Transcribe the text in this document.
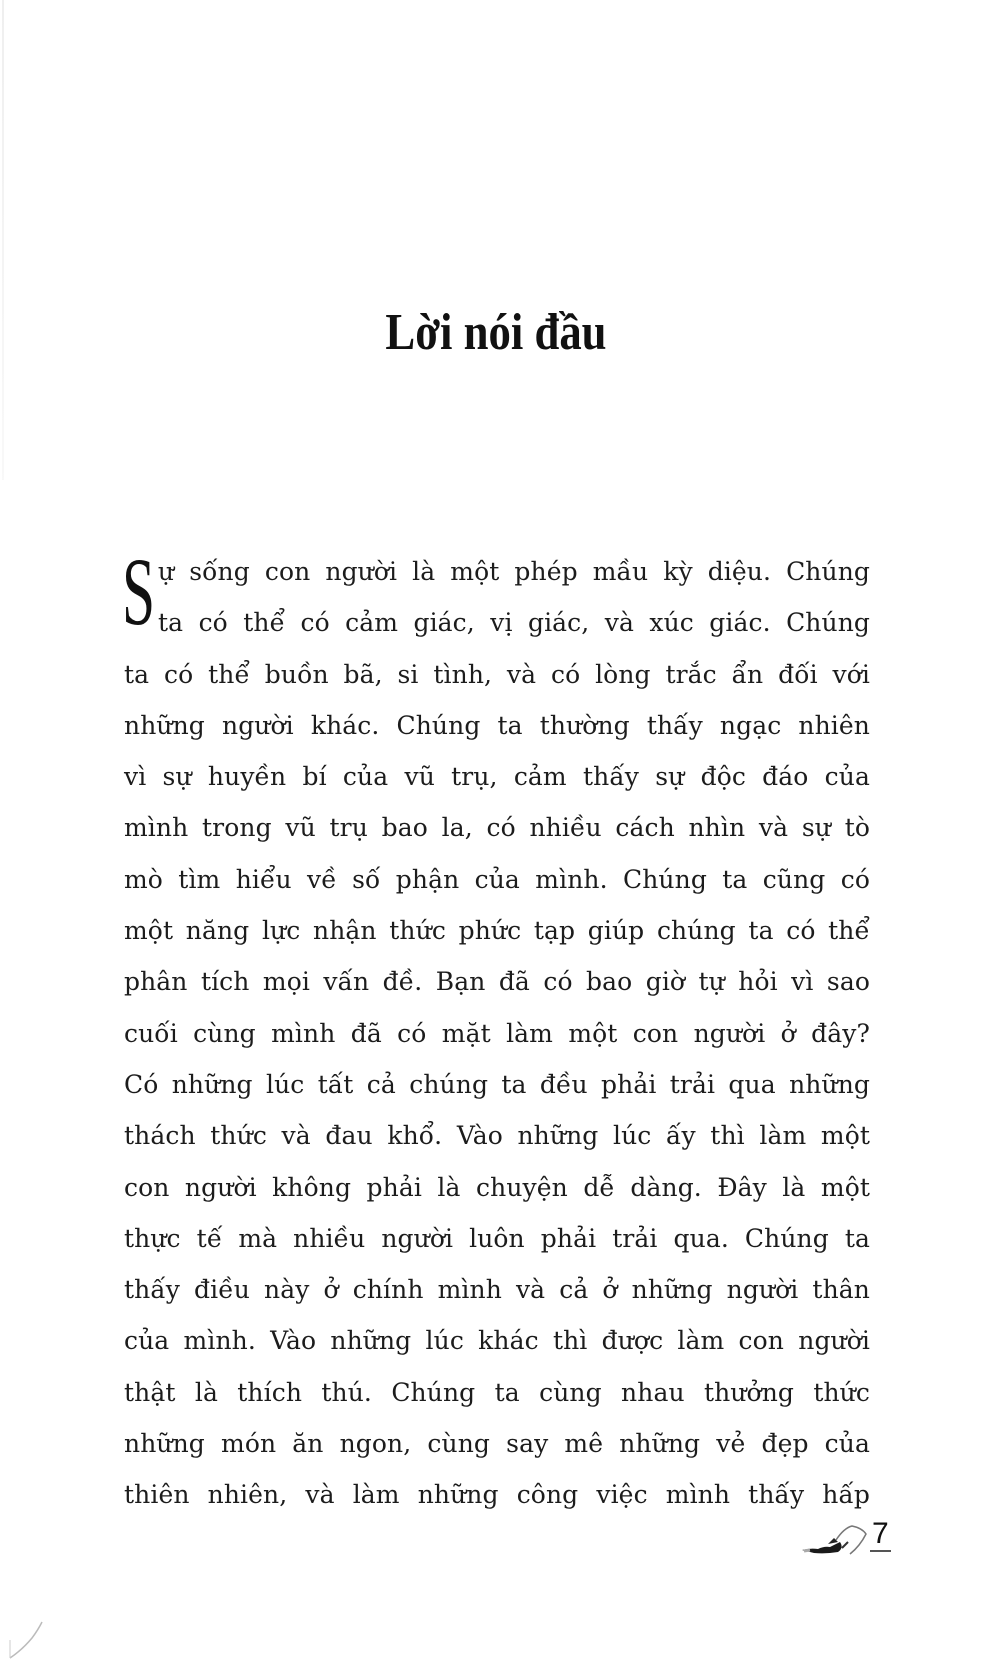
Lời nói đầu
S ự sống con người là một phép mầu kỳ diệu. Chúng
ta có thể có cảm giác, vị giác, và xúc giác. Chúng
ta có thể buồn bã, si tình, và có lòng trắc ẩn đối với
những người khác. Chúng ta thường thấy ngạc nhiên
vì sự huyền bí của vũ trụ, cảm thấy sự độc đáo của
mình trong vũ trụ bao la, có nhiều cách nhìn và sự tò
mò tìm hiểu về số phận của mình. Chúng ta cũng có
một năng lực nhận thức phức tạp giúp chúng ta có thể
phân tích mọi vấn đề. Bạn đã có bao giờ tự hỏi vì sao
cuối cùng mình đã có mặt làm một con người ở đây?
Có những lúc tất cả chúng ta đều phải trải qua những
thách thức và đau khổ. Vào những lúc ấy thì làm một
con người không phải là chuyện dễ dàng. Đây là một
thực tế mà nhiều người luôn phải trải qua. Chúng ta
thấy điều này ở chính mình và cả ở những người thân
của mình. Vào những lúc khác thì được làm con người
thật là thích thú. Chúng ta cùng nhau thưởng thức
những món ăn ngon, cùng say mê những vẻ đẹp của
thiên nhiên, và làm những công việc mình thấy hấp
7
